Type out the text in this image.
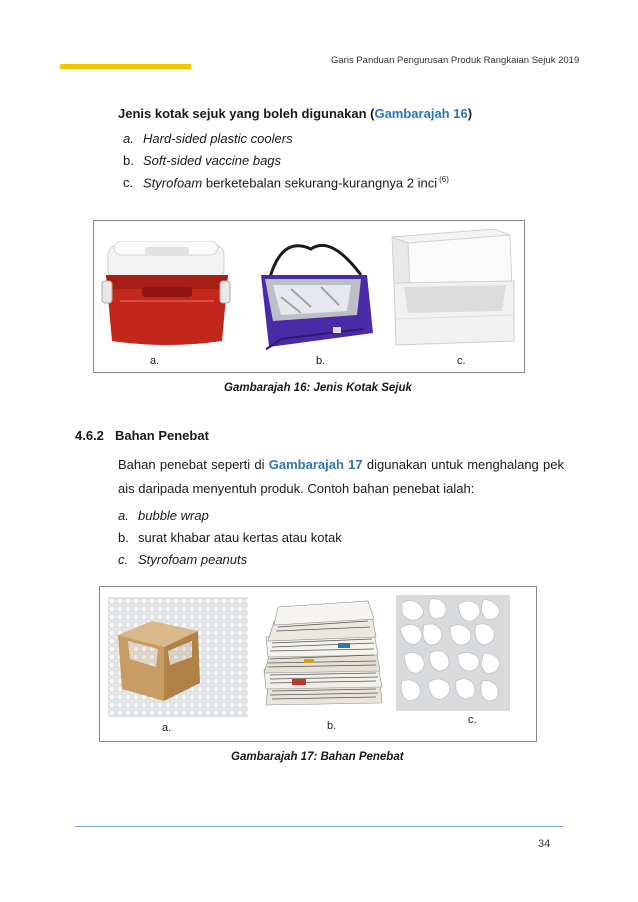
Garis Panduan Pengurusan Produk Rangkaian Sejuk 2019
Jenis kotak sejuk yang boleh digunakan (Gambarajah 16)
a. Hard-sided plastic coolers
b. Soft-sided vaccine bags
c. Styrofoam berketebalan sekurang-kurangnya 2 inci $^{(6)}$
a.	b.	c.
Gambarajah 16: Jenis Kotak Sejuk
4.6.2 Bahan Penebat
Bahan penebat seperti di Gambarajah 17 digunakan untuk menghalang pek ais daripada menyentuh produk. Contoh bahan penebat ialah:
a. bubble wrap
b. surat khabar atau kertas atau kotak
c. Styrofoam peanuts
a.	b.	c.
Gambarajah 17: Bahan Penebat
34
